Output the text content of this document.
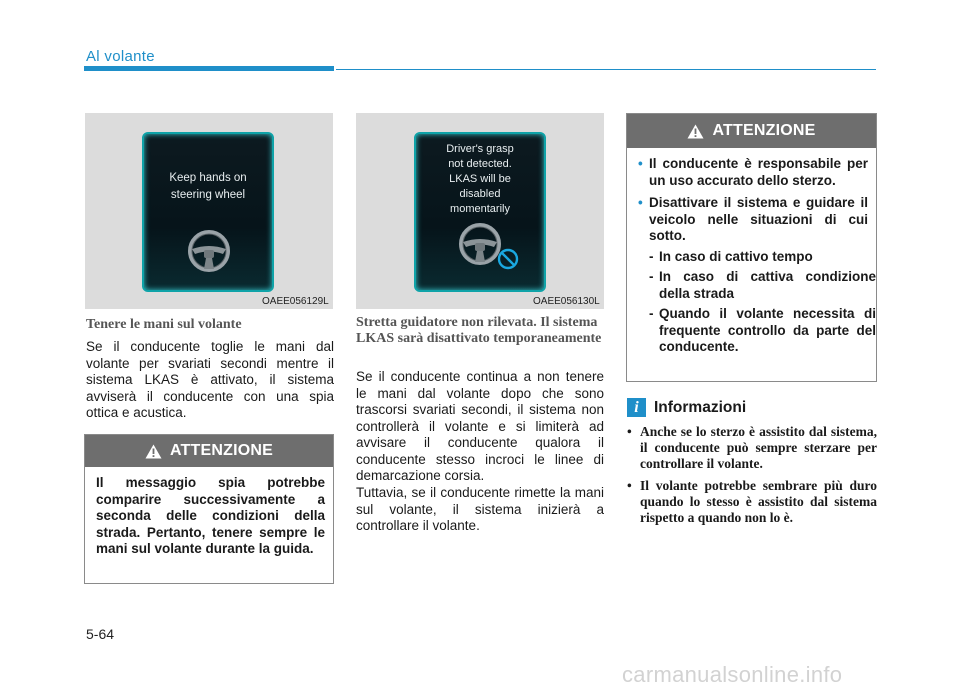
Al volante
Keep hands on
steering wheel
OAEE056129L
Driver's grasp
not detected.
LKAS will be
disabled
momentarily
OAEE056130L
Tenere le mani sul volante
Se il conducente toglie le mani dal volante per svariati secondi mentre il sistema LKAS è attivato, il sistema avviserà il conducente con una spia ottica e acustica.
ATTENZIONE
Il messaggio spia potrebbe comparire successivamente a seconda delle condizioni della strada. Pertanto, tenere sempre le mani sul volante durante la guida.
Stretta guidatore non rilevata. Il sistema LKAS sarà disattivato temporaneamente
Se il conducente continua a non tenere le mani dal volante dopo che sono trascorsi svariati secondi, il sistema non controllerà il volante e si limiterà ad avvisare il conducente qualora il conducente stesso incroci le linee di demarcazione corsia.
Tuttavia, se il conducente rimette la mani sul volante, il sistema inizierà a controllare il volante.
ATTENZIONE
• Il conducente è responsabile per un uso accurato dello sterzo.
• Disattivare il sistema e guidare il veicolo nelle situazioni di cui sotto.
- In caso di cattivo tempo
- In caso di cattiva condizione della strada
- Quando il volante necessita di frequente controllo da parte del conducente.
i Informazioni
• Anche se lo sterzo è assistito dal sistema, il conducente può sempre sterzare per controllare il volante.
• Il volante potrebbe sembrare più duro quando lo stesso è assistito dal sistema rispetto a quando non lo è.
5-64
carmanualsonline.info
